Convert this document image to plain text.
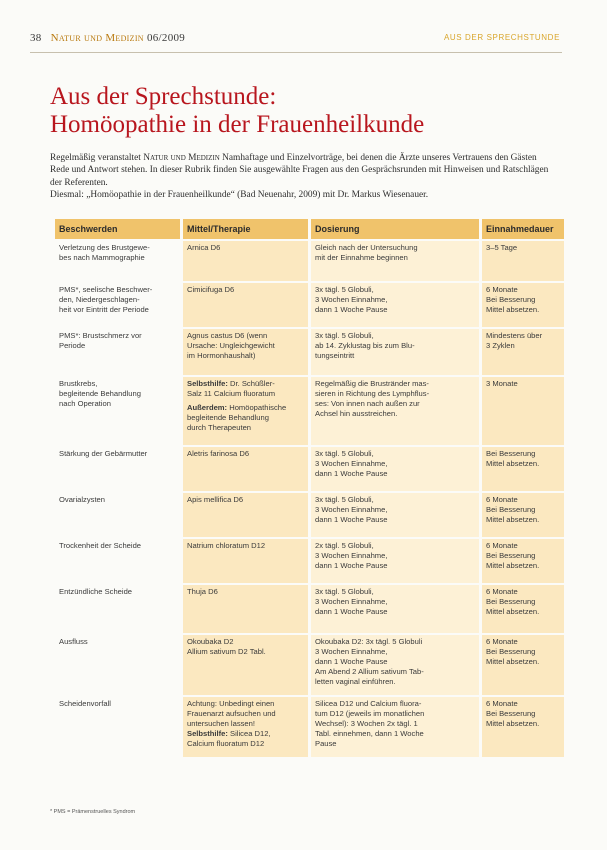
38 Natur und Medizin 06/2009	AUS DER SPRECHSTUNDE
Aus der Sprechstunde:
Homöopathie in der Frauenheilkunde

Regelmäßig veranstaltet Natur und Medizin Namhaftage und Einzelvorträge, bei denen die Ärzte unseres Vertrauens den Gästen Rede und Antwort stehen. In dieser Rubrik finden Sie ausgewählte Fragen aus den Gesprächsrunden mit Hinweisen und Ratschlägen der Referenten.

Diesmal: „Homöopathie in der Frauenheilkunde“ (Bad Neuenahr, 2009) mit Dr. Markus Wiesenauer.

Beschwerden	Mittel/Therapie	Dosierung	Einnahmedauer

Verletzung des Brustgewe-
bes nach Mammographie	Arnica D6	Gleich nach der Untersuchung
mit der Einnahme beginnen	3–5 Tage

PMS*, seelische Beschwer-
den, Niedergeschlagen-
heit vor Eintritt der Periode	Cimicifuga D6	3x tägl. 5 Globuli,
3 Wochen Einnahme,
dann 1 Woche Pause	6 Monate
Bei Besserung
Mittel absetzen.

PMS*: Brustschmerz vor
Periode	Agnus castus D6 (wenn
Ursache: Ungleichgewicht
im Hormonhaushalt)	3x tägl. 5 Globuli,
ab 14. Zyklustag bis zum Blu-
tungseintritt	Mindestens über
3 Zyklen

Brustkrebs,
begleitende Behandlung
nach Operation	Selbsthilfe: Dr. Schüßler-
Salz 11 Calcium fluoratum
Außerdem: Homöopathische
begleitende Behandlung
durch Therapeuten	Regelmäßig die Brustränder mas-
sieren in Richtung des Lymphflus-
ses: Von innen nach außen zur
Achsel hin ausstreichen.	3 Monate

Stärkung der Gebärmutter	Aletris farinosa D6	3x tägl. 5 Globuli,
3 Wochen Einnahme,
dann 1 Woche Pause	Bei Besserung
Mittel absetzen.

Ovarialzysten	Apis mellifica D6	3x tägl. 5 Globuli,
3 Wochen Einnahme,
dann 1 Woche Pause	6 Monate
Bei Besserung
Mittel absetzen.

Trockenheit der Scheide	Natrium chloratum D12	2x tägl. 5 Globuli,
3 Wochen Einnahme,
dann 1 Woche Pause	6 Monate
Bei Besserung
Mittel absetzen.

Entzündliche Scheide	Thuja D6	3x tägl. 5 Globuli,
3 Wochen Einnahme,
dann 1 Woche Pause	6 Monate
Bei Besserung
Mittel absetzen.

Ausfluss	Okoubaka D2
Allium sativum D2 Tabl.	Okoubaka D2: 3x tägl. 5 Globuli
3 Wochen Einnahme,
dann 1 Woche Pause
Am Abend 2 Allium sativum Tab-
letten vaginal einführen.	6 Monate
Bei Besserung
Mittel absetzen.

Scheidenvorfall	Achtung: Unbedingt einen
Frauenarzt aufsuchen und
untersuchen lassen!
Selbsthilfe: Silicea D12,
Calcium fluoratum D12	Silicea D12 und Calcium fluora-
tum D12 (jeweils im monatlichen
Wechsel): 3 Wochen 2x tägl. 1
Tabl. einnehmen, dann 1 Woche
Pause	6 Monate
Bei Besserung
Mittel absetzen.
* PMS = Prämenstruelles Syndrom
